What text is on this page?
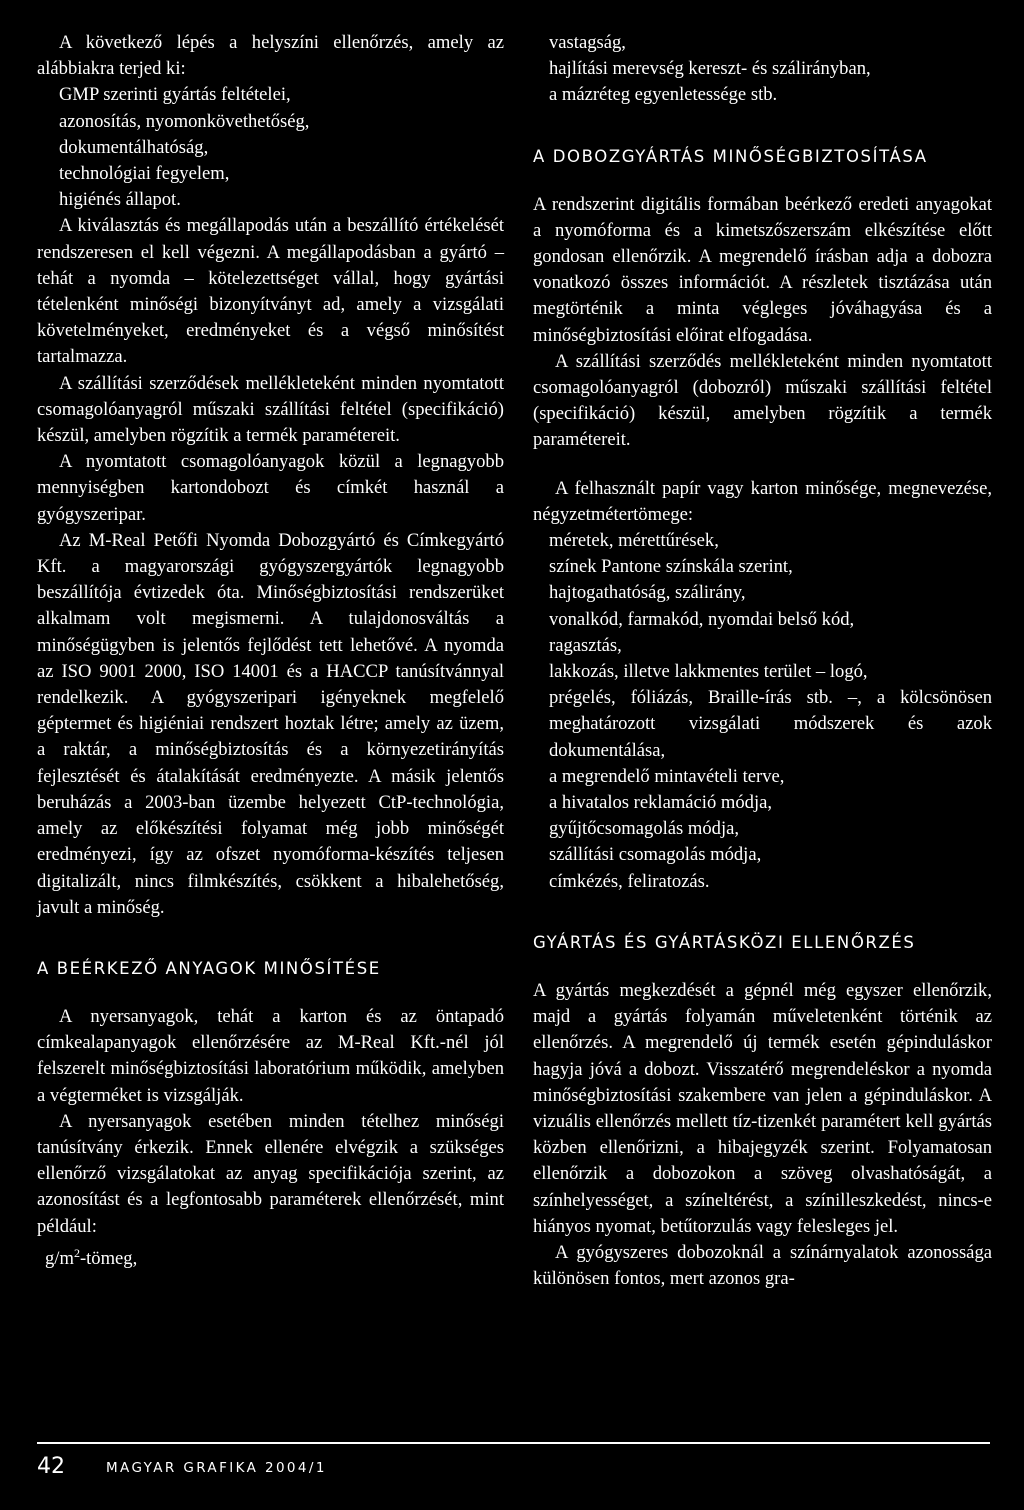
A következő lépés a helyszíni ellenőrzés, amely az alábbiakra terjed ki:

GMP szerinti gyártás feltételei,
azonosítás, nyomonkövethetőség,
dokumentálhatóság,
technológiai fegyelem,
higiénés állapot.

A kiválasztás és megállapodás után a beszállító értékelését rendszeresen el kell végezni. A megállapodásban a gyártó – tehát a nyomda – kötelezettséget vállal, hogy gyártási tételenként minőségi bizonyítványt ad, amely a vizsgálati követelményeket, eredményeket és a végső minősítést tartalmazza.

A szállítási szerződések mellékleteként minden nyomtatott csomagolóanyagról műszaki szállítási feltétel (specifikáció) készül, amelyben rögzítik a termék paramétereit.

A nyomtatott csomagolóanyagok közül a legnagyobb mennyiségben kartondobozt és címkét használ a gyógyszeripar.

Az M-Real Petőfi Nyomda Dobozgyártó és Címkegyártó Kft. a magyarországi gyógyszergyártók legnagyobb beszállítója évtizedek óta. Minőségbiztosítási rendszerüket alkalmam volt megismerni. A tulajdonosváltás a minőségügyben is jelentős fejlődést tett lehetővé. A nyomda az ISO 9001 2000, ISO 14001 és a HACCP tanúsítvánnyal rendelkezik. A gyógyszeripari igényeknek megfelelő géptermet és higiéniai rendszert hoztak létre; amely az üzem, a raktár, a minőségbiztosítás és a környezetirányítás fejlesztését és átalakítását eredményezte. A másik jelentős beruházás a 2003-ban üzembe helyezett CtP-technológia, amely az előkészítési folyamat még jobb minőségét eredményezi, így az ofszet nyomóforma-készítés teljesen digitalizált, nincs filmkészítés, csökkent a hibalehetőség, javult a minőség.

A BEÉRKEZŐ ANYAGOK MINŐSÍTÉSE

A nyersanyagok, tehát a karton és az öntapadó címkealapanyagok ellenőrzésére az M-Real Kft.-nél jól felszerelt minőségbiztosítási laboratórium működik, amelyben a végterméket is vizsgálják.

A nyersanyagok esetében minden tételhez minőségi tanúsítvány érkezik. Ennek ellenére elvégzik a szükséges ellenőrző vizsgálatokat az anyag specifikációja szerint, az azonosítást és a legfontosabb paraméterek ellenőrzését, mint például:

$g/m^2$-tömeg,
vastagság,
hajlítási merevség kereszt- és szálirányban,
a mázréteg egyenletessége stb.
A DOBOZGYÁRTÁS MINŐSÉGBIZTOSÍTÁSA

A rendszerint digitális formában beérkező eredeti anyagokat a nyomóforma és a kimetszőszerszám elkészítése előtt gondosan ellenőrzik. A megrendelő írásban adja a dobozra vonatkozó összes információt. A részletek tisztázása után megtörténik a minta végleges jóváhagyása és a minőségbiztosítási előirat elfogadása.

A szállítási szerződés mellékleteként minden nyomtatott csomagolóanyagról (dobozról) műszaki szállítási feltétel (specifikáció) készül, amelyben rögzítik a termék paramétereit.

A felhasznált papír vagy karton minősége, megnevezése, négyzetmétertömege:

méretek, mérettűrések,
színek Pantone színskála szerint,
hajtogathatóság, szálirány,
vonalkód, farmakód, nyomdai belső kód,
ragasztás,
lakkozás, illetve lakkmentes terület – logó,
prégelés, fóliázás, Braille-írás stb. –, a kölcsönösen meghatározott vizsgálati módszerek és azok dokumentálása,
a megrendelő mintavételi terve,
a hivatalos reklamáció módja,
gyűjtőcsomagolás módja,
szállítási csomagolás módja,
címkézés, feliratozás.
GYÁRTÁS ÉS GYÁRTÁSKÖZI ELLENŐRZÉS

A gyártás megkezdését a gépnél még egyszer ellenőrzik, majd a gyártás folyamán műveletenként történik az ellenőrzés. A megrendelő új termék esetén gépinduláskor hagyja jóvá a dobozt. Visszatérő megrendeléskor a nyomda minőségbiztosítási szakembere van jelen a gépinduláskor. A vizuális ellenőrzés mellett tíz-tizenkét paramétert kell gyártás közben ellenőrizni, a hibajegyzék szerint. Folyamatosan ellenőrzik a dobozokon a szöveg olvashatóságát, a színhelyességet, a színeltérést, a színilleszkedést, nincs-e hiányos nyomat, betűtorzulás vagy felesleges jel.

A gyógyszeres dobozoknál a színárnyalatok azonossága különösen fontos, mert azonos gra-

42	MAGYAR GRAFIKA 2004/1
